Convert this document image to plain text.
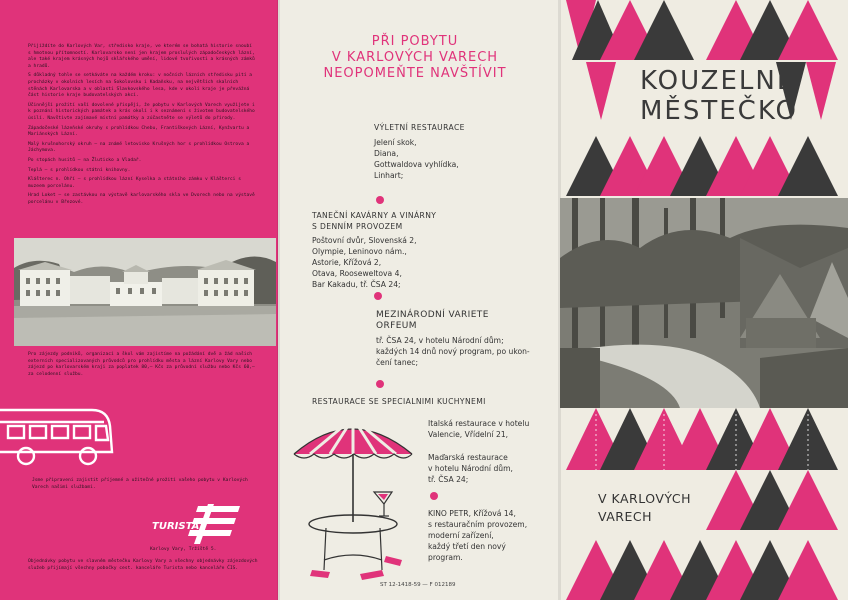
Přijíždíte do Karlových Var, středisko kraje, ve kterém se bohatá historie snoubí s hmotnou přítomností. Karlovarsko není jen krajem proslulých západočeských lázní, ale také krajem krásných hojů sklářského umění, lidové tvořivosti a krásných zámků a hradů.

S důkladný tohle se setkáváte na každém kroku: v nočních lázních středisku pití a procházky v okolních lesích na Sokolovsku i Kadaňsku, na největších skalních stěnách Karlovarska a v oblasti Slavkovského lesa, kde v okolí kraje je převážná část historie kraje budovatelských akcí.

Účinnější prožití vaší dovolené přispějí, že pobytu v Karlových Varech využijete i k poznání historických památek a krás okolí i k seznámení s životem budovatelského úsilí. Navštivte zajímavé místní památky a zúčastněte se výletů do přírody.

Západočeské lázeňské okruhy s prohlídkou Chebu, Františkových Lázní, Kynžvartu a Mariánských Lázní.

Malý krušnohorský okruh – na známé letovisko Krušných hor s prohlídkou Ostrova a Jáchymova.

Po stopách husitů – na Žluticko a Vladař.

Teplá – s prohlídkou státní knihovny.

Klášterec n. Ohří – s prohlídkou lázní Kyselka a státního zámku v Klášterci s muzeem porcelánu.

Hrad Loket – se zastávkou na výstavě karlovarského skla ve Dvorech nebo na výstavě porcelánu v Březové.

Pro zájezdy podniků, organizací a škol vám zajistíme na požádání dvě a žád našich externích specializovaných průvodců pro prohlídku města a lázní Karlovy Vary nebo zájezd po karlovarském kraji za poplatek 80,– Kčs za průvodní službu nebo Kčs 60,– za celodenní službu.
Jsme připraveni zajistit příjemné a užitečné prožití vašeho pobytu v Karlových Varech našimi službami.
TURISTA
Karlovy Vary, Tržiště 5.
Objednávky pobytu ve slavném městečku Karlovy Vary a všechny objednávky zájezdových služeb přijímají všechny pobočky cest. kanceláře Turista nebo kanceláře ČIS.
PŘI POBYTU
V KARLOVÝCH VARECH
NEOPOMEŇTE NAVŠTÍVIT
VÝLETNÍ RESTAURACE
Jelení skok,
Diana,
Gottwaldova vyhlídka,
Linhart;
TANEČNÍ KAVÁRNY A VINÁRNY
S DENNÍM PROVOZEM
Poštovní dvůr, Slovenská 2,
Olympie, Leninovo nám.,
Astorie, Křížová 2,
Otava, Rooseweltova 4,
Bar Kakadu, tř. ČSA 24;
MEZINÁRODNÍ VARIETE
ORFEUM
tř. ČSA 24, v hotelu Národní dům;
každých 14 dnů nový program, po ukon-
čení tanec;
RESTAURACE SE SPECIALNIMI KUCHYNEMI
Italská restaurace v hotelu
Valencie, Vřídelní 21,
Maďarská restaurace
v hotelu Národní dům,
tř. ČSA 24;
KINO PETR, Křížová 14,
s restauračním provozem,
moderní zařízení,
každý třetí den nový
program.
ST 12-1418-59 — F 012189
KOUZELNÉ
MĚSTEČKO
V KARLOVÝCH
VARECH
